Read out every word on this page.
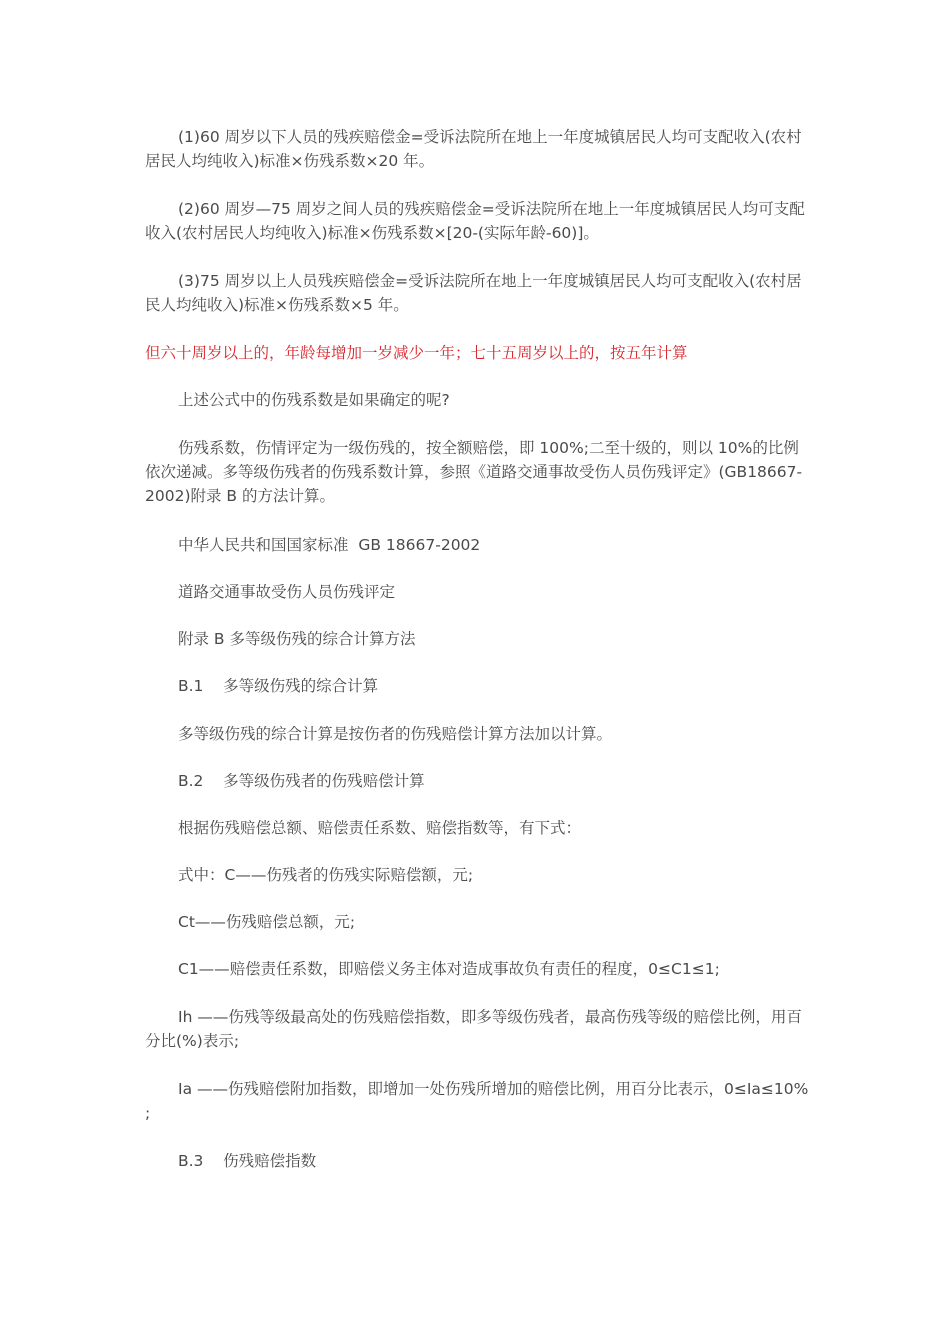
(1)60 周岁以下人员的残疾赔偿金=受诉法院所在地上一年度城镇居民人均可支配收入(农村居民人均纯收入)标准×伤残系数×20 年。

(2)60 周岁—75 周岁之间人员的残疾赔偿金=受诉法院所在地上一年度城镇居民人均可支配收入(农村居民人均纯收入)标准×伤残系数×[20-(实际年龄-60)]。

(3)75 周岁以上人员残疾赔偿金=受诉法院所在地上一年度城镇居民人均可支配收入(农村居民人均纯收入)标准×伤残系数×5 年。

但六十周岁以上的，年龄每增加一岁减少一年；七十五周岁以上的，按五年计算

上述公式中的伤残系数是如果确定的呢?

伤残系数，伤情评定为一级伤残的，按全额赔偿，即 100%;二至十级的，则以 10%的比例依次递减。多等级伤残者的伤残系数计算，参照《道路交通事故受伤人员伤残评定》(GB18667-2002)附录 B 的方法计算。

中华人民共和国国家标准  GB 18667-2002

道路交通事故受伤人员伤残评定

附录 B 多等级伤残的综合计算方法

B.1    多等级伤残的综合计算

多等级伤残的综合计算是按伤者的伤残赔偿计算方法加以计算。

B.2    多等级伤残者的伤残赔偿计算

根据伤残赔偿总额、赔偿责任系数、赔偿指数等，有下式：

式中：C——伤残者的伤残实际赔偿额，元;

Ct——伤残赔偿总额，元;

C1——赔偿责任系数，即赔偿义务主体对造成事故负有责任的程度，0≤C1≤1;

Ih ——伤残等级最高处的伤残赔偿指数，即多等级伤残者，最高伤残等级的赔偿比例，用百分比(%)表示;

Ia ——伤残赔偿附加指数，即增加一处伤残所增加的赔偿比例，用百分比表示，0≤Ia≤10% ;

B.3    伤残赔偿指数
